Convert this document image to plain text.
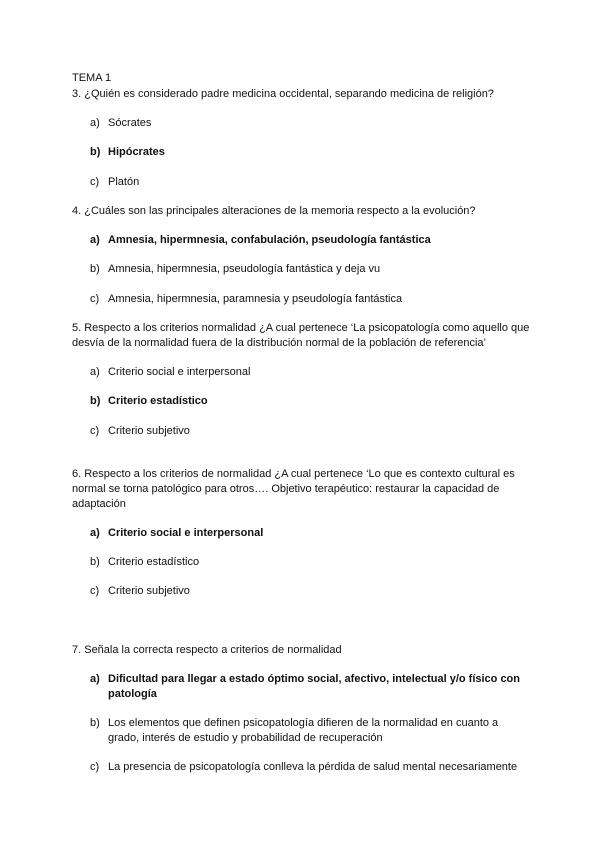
TEMA 1
3. ¿Quién es considerado padre medicina occidental, separando medicina de religión?
a) Sócrates
b) Hipócrates
c) Platón
4. ¿Cuáles son las principales alteraciones de la memoria respecto a la evolución?
a) Amnesia, hipermnesia, confabulación, pseudología fantástica
b) Amnesia, hipermnesia, pseudología fantástica y deja vu
c) Amnesia, hipermnesia, paramnesia y pseudología fantástica
5. Respecto a los criterios normalidad ¿A cual pertenece ‘La psicopatología como aquello que desvía de la normalidad fuera de la distribución normal de la población de referencia’
a) Criterio social e interpersonal
b) Criterio estadístico
c) Criterio subjetivo
6. Respecto a los criterios de normalidad ¿A cual pertenece ‘Lo que es contexto cultural es normal se torna patológico para otros…. Objetivo terapéutico: restaurar la capacidad de adaptación
a) Criterio social e interpersonal
b) Criterio estadístico
c) Criterio subjetivo
7. Señala la correcta respecto a criterios de normalidad
a) Dificultad para llegar a estado óptimo social, afectivo, intelectual y/o físico con patología
b) Los elementos que definen psicopatología difieren de la normalidad en cuanto a grado, interés de estudio y probabilidad de recuperación
c) La presencia de psicopatología conlleva la pérdida de salud mental necesariamente
